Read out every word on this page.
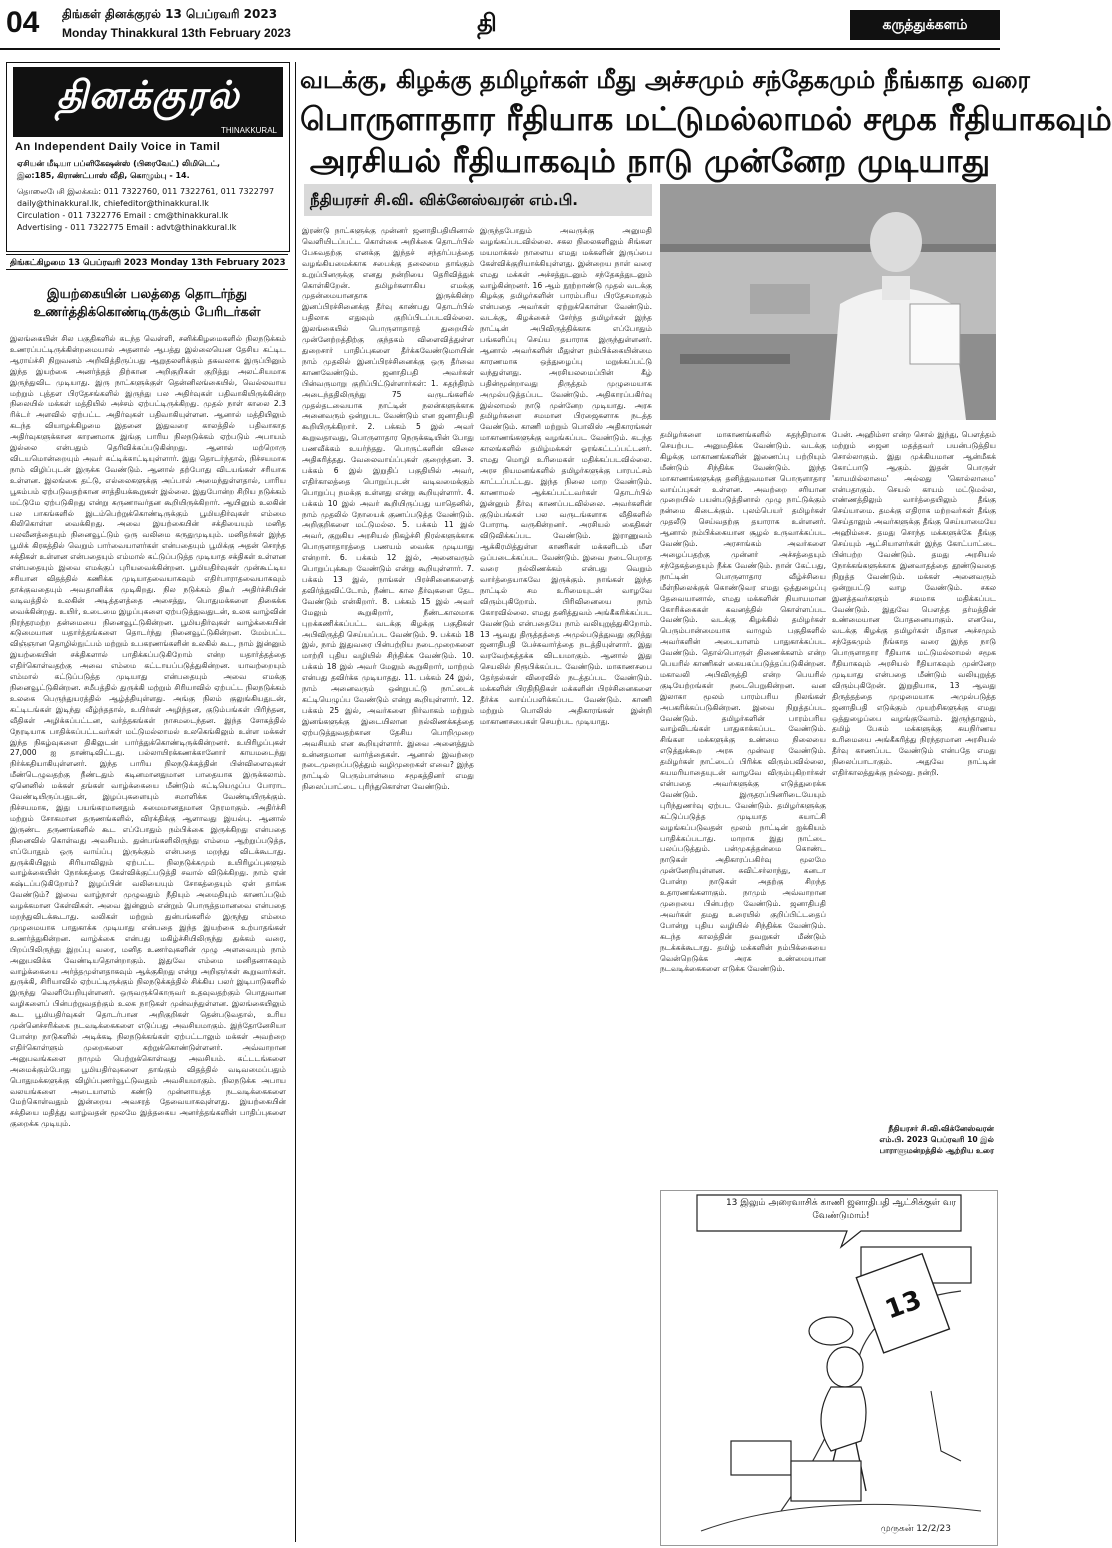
04 திங்கள் தினக்குரல் 13 பெப்ரவரி 2023
Monday Thinakkural 13th February 2023	தி	கருத்துக்களம்
தினக்குரல்
THINAKKURAL
An Independent Daily Voice in Tamil
ஏசியன் மீடியா பப்ளிகேஷன்ஸ் (பிரைவேட்) லிமிடெட்,
இல:185, கிராண்ட்பாஸ் வீதி, கொழும்பு - 14.
தொலைபேசி இலக்கம்: 011 7322760, 011 7322761, 011 7322797
daily@thinakkural.lk, chiefeditor@thinakkural.lk
Circulation - 011 7322776 Email : cm@thinakkural.lk
Advertising - 011 7322775 Email : advt@thinakkural.lk
திங்கட்கிழமை 13 பெப்ரவரி 2023 Monday 13th February 2023
இயற்கையின் பலத்தை தொடர்ந்து உணர்த்திக்கொண்டிருக்கும் பேரிடர்கள்
இலங்கையின் சில பகுதிகளில் கடந்த வெள்ளி, சனிக்கிழமைகளில் நிலநடுக்கம் உணரப்பட்டிருக்கின்றமையால் அதனால் ஆபத்து இல்லையென தேசிய கட்டிட ஆராய்ச்சி நிறுவனம் அறிவித்திருப்பது ஆறுதலளிக்கும் தகவலாக இருப்பினும் இந்த இயற்கை அனர்த்தத் திற்கான அறிகுறிகள் குறித்து அலட்சியமாக இருந்துவிட முடியாது. இரு நாட்களுக்குள் தென்னிலங்கையில், வெல்லவாய மற்றும் புத்தள பிரதேசங்களில் இருந்து பல அதிர்வுகள் பதிவாகியிருக்கின்ற நிலையில் மக்கள் மத்தியில் அச்சம் ஏற்பட்டிருக்கிறது. முதல் நாள் காலை 2.3 ரிக்டர் அளவில் ஏற்பட்ட அதிர்வுகள் பதிவாகியுள்ளன. ஆனால் மத்தியிலும் கடந்த வியாழக்கிழமை இதனை இதுவரை காலத்தில் பதிவாகாத அதிர்வுகளுக்கான காரணமாக இங்கு பாரிய நிலநடுக்கம் ஏற்படும் அபாயம் இல்லை என்பதும் தெரிவிக்கப்படுகின்றது. ஆனால் மற்றொரு விடயமொன்றையும் அவர் சுட்டிக்காட்டியுள்ளார். இது தொடர்ந்தால், நிச்சயமாக நாம் விழிப்புடன் இருக்க வேண்டும். ஆனால் தற்போது விடயங்கள் சரியாக உள்ளன. இலங்கை தட்டு, எல்லைகளுக்கு அப்பால் அமைந்துள்ளதால், பாரிய பூகம்பம் ஏற்படுவதற்கான சாத்தியக்கூறுகள் இல்லை. இதுபோன்ற சிறிய நடுக்கம் மட்டுமே ஏற்படுகிறது என்று கருணாவர்தன கூறியிருக்கிறார். ஆயினும் உலகின் பல பாகங்களில் இடம்பெற்றுக்கொண்டிருக்கும் பூமியதிர்வுகள் எம்மை கிலிகொள்ள வைக்கிறது. அவை இயற்கையின் சக்தியையும் மனித பலவீனத்தையும் நினைவூட்டும் ஒரு வலிமை கருதுமுடியும். மனிதர்கள் இந்த பூமிக் கிரகத்தில் வெறும் பார்வையாளர்கள் என்பதையும் பூமிக்கு அதன் சொந்த சக்திகள் உள்ளன என்பதையும் எம்மால் கட்டுப்படுத்த முடியாத சக்திகள் உள்ளன என்பதையும் இவை எமக்குப் புரியவைக்கின்றன. பூமியதிர்வுகள் முன்கூட்டிய சரியான விதத்தில் கணிக்க முடியாதவையாகவும் எதிர்பாராதவையாகவும் தாக்குவதையும் அவதானிக்க முடிகிறது. நில நடுக்கம் திடீர் அதிர்ச்சியின் வடிவத்தில் உலகின் அடித்தளத்தை அசைத்து, பொதுமக்களை திகைக்க வைக்கின்றது. உயிர், உடைமை இழப்புகளை ஏற்படுத்துவதுடன், உலக வாழ்வின் நிரந்தரமற்ற தன்மையை நினைவூட்டுகின்றன. பூமியதிர்வுகள் வாழ்க்கையின் கடுமையான யதார்த்தங்களை தொடர்ந்து நினைவூட்டுகின்றன. மேம்பட்ட விஞ்ஞான தொழில்நுட்பம் மற்றும் உபகரணங்களின் உலகில் கூட, நாம் இன்னும் இயற்கையின் சக்திகளால் பாதிக்கப்படுகிறோம் என்ற யதார்த்தத்தை எதிர்கொள்வதற்கு அவை எம்மை கட்டாயப்படுத்துகின்றன. யாவற்றையும் எம்மால் கட்டுப்படுத்த முடியாது என்பதையும் அவை எமக்கு நினைவூட்டுகின்றன. சமீபத்தில் துருக்கி மற்றும் சிரியாவில் ஏற்பட்ட நிலநடுக்கம் உலகை பெருந்துயரத்தில் ஆழ்த்தியுள்ளது. அங்கு நிலம் குலுங்கியதுடன், கட்டிடங்கள் இடிந்து வீழ்ந்ததால், உயிர்கள் அழிந்தன, குடும்பங்கள் பிரிந்தன, வீதிகள் அழிக்கப்பட்டன, வர்த்தகங்கள் நாசமடைந்தன. இந்த சோகத்தில் நேரடியாக பாதிக்கப்பட்டவர்கள் மட்டுமல்லாமல் உலகெங்கிலும் உள்ள மக்கள் இந்த நிகழ்வுகளை திகிலுடன் பார்த்துக்கொண்டிருக்கின்றனர். உயிரிழப்புகள் 27,000 ஐ தாண்டிவிட்டது. பல்லாயிரக்கணக்கானோர் காயமடைந்து நிர்க்கதியாகியுள்ளனர். இந்த பாரிய நிலநடுக்கத்தின் பின்விளைவுகள் மீண்டெழுவதற்கு நீண்டதும் கடினமானதுமான பாதையாக இருக்கலாம். ஏனெனில் மக்கள் தங்கள் வாழ்க்கையை மீண்டும் கட்டியெழுப்ப போராட வேண்டியிருப்பதுடன், இழப்புகளையும் சமாளிக்க வேண்டியிருக்கும். நிச்சயமாக, இது பயங்கரமானதும் சுமைமானதுமான நேரமாகும். அதிர்ச்சி மற்றும் சோகமான தருணங்களில், விரக்திக்கு ஆளாவது இயல்பு. ஆனால் இருண்ட தருணங்களில் கூட எப்போதும் நம்பிக்கை இருக்கிறது என்பதை நினைவில் கொள்வது அவசியம். துன்பங்களிலிருந்து எம்மை ஆற்றுப்படுத்த, எப்போதும் ஒரு வாய்ப்பு இருக்கும் என்பதை மறந்து விடக்கூடாது. துருக்கியிலும் சிரியாவிலும் ஏற்பட்ட நிலநடுக்கமும் உயிரிழப்புகளும் வாழ்க்கையின் நோக்கத்தை கேள்விக்குட்படுத்தி சவால் விடுக்கிறது. நாம் ஏன் கஷ்டப்படுகிறோம்? இழப்பின் வலியையும் சோகத்தையும் ஏன் தாங்க வேண்டும்? இவை வாழ்நாள் முழுவதும் நீதியும் அமைதியும் காணப்படும் வழக்கமான கேள்விகள். அவை இன்னும் என்றும் பொருத்தமானவை என்பதை மறந்துவிடக்கூடாது. வலிகள் மற்றும் துன்பங்களில் இருந்து எம்மை முழுமையாக பாதுகாக்க முடியாது என்பதை இந்த இயற்கை உற்பாதங்கள் உணர்த்துகின்றன. வாழ்க்கை என்பது மகிழ்ச்சியிலிருந்து துக்கம் வரை, பிறப்பிலிருந்து இறப்பு வரை, மனித உணர்வுகளின் முழு அளவையும் நாம் அனுபவிக்க வேண்டியதொன்றாகும். இதுவே எம்மை மனிதனாகவும் வாழ்க்கையை அர்த்தமுள்ளதாகவும் ஆக்குகிறது என்று அறிஞர்கள் கூறுவார்கள். துருக்கி, சிரியாவில் ஏற்பட்டிருக்கும் நிலநடுக்கத்தில் சிக்கிய பலர் இடிபாடுகளில் இருந்து வெளியேறியுள்ளனர். ஒருவருக்கொருவர் உதவுவதற்கும் பொதுவான வழிகளைப் பின்பற்றுவதற்கும் உலக நாடுகள் முன்வந்துள்ளன. இலங்கையிலும் கூட பூமியதிர்வுகள் தொடர்பான அறிகுறிகள் தென்படுவதால், உரிய முன்னெச்சரிக்கை நடவடிக்கைகளை எடுப்பது அவசியமாகும். இந்தோனேசியா போன்ற நாடுகளில் அடிக்கடி நிலநடுக்கங்கள் ஏற்பட்டாலும் மக்கள் அவற்றை எதிர்கொள்ளும் முறைகளை கற்றுக்கொண்டுள்ளனர். அவ்வாறான அனுபவங்களை நாமும் பெற்றுக்கொள்வது அவசியம். கட்டடங்களை அமைக்கும்போது பூமியதிர்வுகளை தாங்கும் விதத்தில் வடிவமைப்பதும் பொதுமக்களுக்கு விழிப்புணர்வூட்டுவதும் அவசியமாகும். நிலநடுக்க அபாய வலயங்களை அடையாளம் கண்டு முன்னாயத்த நடவடிக்கைகளை மேற்கொள்வதும் இன்றைய அவசரத் தேவையாகவுள்ளது. இயற்கையின் சக்தியை மதித்து வாழ்வதன் மூலமே இத்தகைய அனர்த்தங்களின் பாதிப்புகளை குறைக்க முடியும்.
வடக்கு, கிழக்கு தமிழர்கள் மீது அச்சமும் சந்தேகமும் நீங்காத வரை
பொருளாதார ரீதியாக மட்டுமல்லாமல் சமூக ரீதியாகவும்
அரசியல் ரீதியாகவும் நாடு முன்னேற முடியாது
நீதியரசர் சி.வி. விக்னேஸ்வரன் எம்.பி.
இரண்டு நாட்களுக்கு முன்னர் ஜனாதிபதியினால் வெளியிடப்பட்ட கொள்கை அறிக்கை தொடர்பில் பேசுவதற்கு எனக்கு இந்தச் சந்தர்ப்பத்தை வழங்கியமைக்காக சபைக்கு தலைமை தாங்கும் உறுப்பினருக்கு எனது நன்றியை தெரிவித்துக் கொள்கிறேன். தமிழர்களாகிய எமக்கு முதன்மையானதாக இருக்கின்ற இனப்பிரச்சினைக்கு தீர்வு காண்பது தொடர்பில் பதிலாக எதுவும் குறிப்பிடப்படவில்லை. இலங்கையில் பொருளாதாரத் துறையில் முன்னேற்றத்திற்கு குந்தகம் விளைவித்துள்ள துறைசார் பாதிப்புகளை தீர்க்கவேண்டுமாயின் நாம் முதலில் இனப்பிரச்சினைக்கு ஒரு தீர்வை காணவேண்டும். ஜனாதிபதி அவர்கள் பின்வருமாறு குறிப்பிட்டுள்ளார்கள்: 1. சுதந்திரம் அடைந்ததிலிருந்து 75 வருடங்களில் முதல்தடவையாக நாட்டின் நலன்களுக்காக அனைவரும் ஒன்றுபட வேண்டும் என ஜனாதிபதி கூறியிருக்கிறார். 2. பக்கம் 5 இல் அவர் கூறுவதாவது, பொருளாதார நெருக்கடியின் போது பணவீக்கம் உயர்ந்தது. பொருட்களின் விலை அதிகரித்தது. வேலைவாய்ப்புகள் குறைந்தன. 3. பக்கம் 6 இல் இறுதிப் பகுதியில் அவர், எதிர்காலத்தை பொறுப்புடன் வடிவமைக்கும் பொறுப்பு நமக்கு உள்ளது என்று கூறியுள்ளார். 4. பக்கம் 10 இல் அவர் கூறியிருப்பது யாதெனில், நாம் முதலில் நோயைக் குணப்படுத்த வேண்டும். அறிகுறிகளை மட்டுமல்ல. 5. பக்கம் 11 இல் அவர், குறுகிய அரசியல் நிகழ்ச்சி நிரல்களுக்காக பொருளாதாரத்தை பணயம் வைக்க முடியாது என்றார். 6. பக்கம் 12 இல், அனைவரும் பொறுப்புக்கூற வேண்டும் என்று கூறியுள்ளார். 7. பக்கம் 13 இல், நாங்கள் பிரச்சினைகளைத் தவிர்த்துவிட்டோம், நீண்ட கால தீர்வுகளை தேட வேண்டும் என்கிறார். 8. பக்கம் 15 இல் அவர் மேலும் கூறுகிறார், நீண்டகாலமாக புறக்கணிக்கப்பட்ட வடக்கு கிழக்கு பகுதிகள் அபிவிருத்தி செய்யப்பட வேண்டும். 9. பக்கம் 18 இல், நாம் இதுவரை பின்பற்றிய நடைமுறைகளை மாற்றி புதிய வழியில் சிந்திக்க வேண்டும். 10. பக்கம் 18 இல் அவர் மேலும் கூறுகிறார், மாற்றம் என்பது தவிர்க்க முடியாதது. 11. பக்கம் 24 இல், நாம் அனைவரும் ஒன்றுபட்டு நாட்டைக் கட்டியெழுப்ப வேண்டும் என்று கூறியுள்ளார். 12. பக்கம் 25 இல், அவர்களை நிர்வாகம் மற்றும் இனங்களுக்கு இடையிலான நல்லிணக்கத்தை ஏற்படுத்துவதற்கான தேசிய பொறிமுறை அவசியம் என கூறியுள்ளார். இவை அனைத்தும் உன்னதமான வார்த்தைகள். ஆனால் இவற்றை நடைமுறைப்படுத்தும் வழிமுறைகள் எவை? இந்த நாட்டில் பெரும்பான்மை சமூகத்தினர் எமது நிலைப்பாட்டை புரிந்துகொள்ள வேண்டும்.
இருந்தபோதும் அவருக்கு அனுமதி வழங்கப்படவில்லை. சகல நிலைகளிலும் சிங்கள மயமாக்கல் நாளைய எமது மக்களின் இருப்பை கேள்விக்குறியாக்கியுள்ளது. இன்றைய நாள் வரை எமது மக்கள் அச்சத்துடனும் சந்தேகத்துடனும் வாழ்கின்றனர். 16 ஆம் நூற்றாண்டு முதல் வடக்கு கிழக்கு தமிழர்களின் பாரம்பரிய பிரதேசமாகும் என்பதை அவர்கள் ஏற்றுக்கொள்ள வேண்டும். வடக்கு, கிழக்கைச் சேர்ந்த தமிழர்கள் இந்த நாட்டின் அபிவிருத்திக்காக எப்போதும் பங்களிப்பு செய்ய தயாராக இருந்துள்ளனர். ஆனால் அவர்களின் மீதுள்ள நம்பிக்கையின்மை காரணமாக ஒத்துழைப்பு மறுக்கப்பட்டு வந்துள்ளது. அரசியலமைப்பின் கீழ் பதின்மூன்றாவது திருத்தம் முழுமையாக அமுல்படுத்தப்பட வேண்டும். அதிகாரப்பகிர்வு இல்லாமல் நாடு முன்னேற முடியாது. அரசு தமிழர்களை சமமான பிரஜைகளாக நடத்த வேண்டும். காணி மற்றும் பொலிஸ் அதிகாரங்கள் மாகாணங்களுக்கு வழங்கப்பட வேண்டும். கடந்த காலங்களில் தமிழ்மக்கள் ஓரங்கட்டப்பட்டனர். எமது மொழி உரிமைகள் மதிக்கப்படவில்லை. அரச நியமனங்களில் தமிழர்களுக்கு பாரபட்சம் காட்டப்பட்டது. இந்த நிலை மாற வேண்டும். காணாமல் ஆக்கப்பட்டவர்கள் தொடர்பில் இன்னும் தீர்வு காணப்படவில்லை. அவர்களின் குடும்பங்கள் பல வருடங்களாக வீதிகளில் போராடி வருகின்றனர். அரசியல் கைதிகள் விடுவிக்கப்பட வேண்டும். இராணுவம் ஆக்கிரமித்துள்ள காணிகள் மக்களிடம் மீள ஒப்படைக்கப்பட வேண்டும். இவை நடைபெறாத வரை நல்லிணக்கம் என்பது வெறும் வார்த்தையாகவே இருக்கும். நாங்கள் இந்த நாட்டில் சம உரிமையுடன் வாழவே விரும்புகிறோம். பிரிவினையை நாம் கோரவில்லை. எமது தனித்துவம் அங்கீகரிக்கப்பட வேண்டும் என்பதையே நாம் வலியுறுத்துகிறோம். 13 ஆவது திருத்தத்தை அமுல்படுத்துவது குறித்து ஜனாதிபதி பேச்சுவார்த்தை நடத்தியுள்ளார். இது வரவேற்கத்தக்க விடயமாகும். ஆனால் இது செயலில் நிரூபிக்கப்பட வேண்டும். மாகாணசபை தேர்தல்கள் விரைவில் நடத்தப்பட வேண்டும். மக்களின் பிரதிநிதிகள் மக்களின் பிரச்சினைகளை தீர்க்க வாய்ப்பளிக்கப்பட வேண்டும். காணி மற்றும் பொலிஸ் அதிகாரங்கள் இன்றி மாகாணசபைகள் செயற்பட முடியாது.
தமிழர்களை மாகாணங்களில் சுதந்திரமாக செயற்பட அனுமதிக்க வேண்டும். வடக்கு கிழக்கு மாகாணங்களின் இணைப்பு பற்றியும் மீண்டும் சிந்திக்க வேண்டும். இந்த மாகாணங்களுக்கு தனித்துவமான பொருளாதார வாய்ப்புகள் உள்ளன. அவற்றை சரியான முறையில் பயன்படுத்தினால் முழு நாட்டுக்கும் நன்மை கிடைக்கும். புலம்பெயர் தமிழர்கள் முதலீடு செய்வதற்கு தயாராக உள்ளனர். ஆனால் நம்பிக்கையான சூழல் உருவாக்கப்பட வேண்டும். அரசாங்கம் அவர்களை அழைப்பதற்கு முன்னர் அச்சத்தையும் சந்தேகத்தையும் நீக்க வேண்டும். நான் கேட்பது, நாட்டின் பொருளாதார வீழ்ச்சியை மீள்நிலைக்குக் கொண்டுவர எமது ஒத்துழைப்பு தேவையானால், எமது மக்களின் நியாயமான கோரிக்கைகள் கவனத்தில் கொள்ளப்பட வேண்டும். வடக்கு கிழக்கில் தமிழர்கள் பெரும்பான்மையாக வாழும் பகுதிகளில் அவர்களின் அடையாளம் பாதுகாக்கப்பட வேண்டும். தொல்பொருள் திணைக்களம் என்ற பெயரில் காணிகள் கையகப்படுத்தப்படுகின்றன. மகாவலி அபிவிருத்தி என்ற பெயரில் குடியேற்றங்கள் நடைபெறுகின்றன. வன இலாகா மூலம் பாரம்பரிய நிலங்கள் அபகரிக்கப்படுகின்றன. இவை நிறுத்தப்பட வேண்டும். தமிழர்களின் பாரம்பரிய வாழ்விடங்கள் பாதுகாக்கப்பட வேண்டும். சிங்கள மக்களுக்கு உண்மை நிலையை எடுத்துக்கூற அரசு முன்வர வேண்டும். தமிழர்கள் நாட்டைப் பிரிக்க விரும்பவில்லை, சுயமரியாதையுடன் வாழவே விரும்புகிறார்கள் என்பதை அவர்களுக்கு எடுத்துரைக்க வேண்டும். இருதரப்பினரிடையேயும் புரிந்துணர்வு ஏற்பட வேண்டும். தமிழர்களுக்கு கட்டுப்படுத்த முடியாத சுயாட்சி வழங்கப்படுவதன் மூலம் நாட்டின் ஐக்கியம் பாதிக்கப்படாது. மாறாக இது நாட்டை பலப்படுத்தும். பன்முகத்தன்மை கொண்ட நாடுகள் அதிகாரப்பகிர்வு மூலமே முன்னேறியுள்ளன. சுவிட்சர்லாந்து, கனடா போன்ற நாடுகள் அதற்கு சிறந்த உதாரணங்களாகும். நாமும் அவ்வாறான முறையை பின்பற்ற வேண்டும். ஜனாதிபதி அவர்கள் தமது உரையில் குறிப்பிட்டதைப் போன்று புதிய வழியில் சிந்திக்க வேண்டும். கடந்த காலத்தின் தவறுகள் மீண்டும் நடக்கக்கூடாது. தமிழ் மக்களின் நம்பிக்கையை வென்றெடுக்க அரசு உண்மையான நடவடிக்கைகளை எடுக்க வேண்டும்.
பேன். அஹிம்சா என்ற சொல் இந்து, பௌத்தம் மற்றும் ஜைன மதத்தவர் பயன்படுத்திய சொல்லாகும். இது முக்கியமான ஆன்மீகக் கோட்பாடு ஆகும். இதன் பொருள் 'காயமில்லாமை' அல்லது 'கொல்லாமை' என்பதாகும். செயல் காயம் மட்டுமல்ல, எண்ணத்திலும் வார்த்தையிலும் தீங்கு செய்யாமை. தமக்கு எதிராக மற்றவர்கள் தீங்கு செய்தாலும் அவர்களுக்கு தீங்கு செய்யாமையே அஹிம்சை. தமது சொந்த மக்களுக்கே தீங்கு செய்யும் ஆட்சியாளர்கள் இந்த கோட்பாட்டை பின்பற்ற வேண்டும். தமது அரசியல் நோக்கங்களுக்காக இனவாதத்தை தூண்டுவதை நிறுத்த வேண்டும். மக்கள் அனைவரும் ஒன்றுபட்டு வாழ வேண்டும். சகல இனத்தவர்களும் சமமாக மதிக்கப்பட வேண்டும். இதுவே பௌத்த தர்மத்தின் உண்மையான போதனையாகும். எனவே, வடக்கு கிழக்கு தமிழர்கள் மீதான அச்சமும் சந்தேகமும் நீங்காத வரை இந்த நாடு பொருளாதார ரீதியாக மட்டுமல்லாமல் சமூக ரீதியாகவும் அரசியல் ரீதியாகவும் முன்னேற முடியாது என்பதை மீண்டும் வலியுறுத்த விரும்புகிறேன். இறுதியாக, 13 ஆவது திருத்தத்தை முழுமையாக அமுல்படுத்த ஜனாதிபதி எடுக்கும் முயற்சிகளுக்கு எமது ஒத்துழைப்பை வழங்குவோம். இருந்தாலும், தமிழ் பேசும் மக்களுக்கு சுயநிர்ணய உரிமையை அங்கீகரித்து நிரந்தரமான அரசியல் தீர்வு காணப்பட வேண்டும் என்பதே எமது நிலைப்பாடாகும். அதுவே நாட்டின் எதிர்காலத்துக்கு நல்லது. நன்றி.
நீதியரசர் சி.வி.விக்னேஸ்வரன்
எம்.பி. 2023 பெப்ரவரி 10 இல்
பாராளுமன்றத்தில் ஆற்றிய உரை
13 இலும் அரைவாசிக் காணி ஜனாதிபதி ஆட்சிக்குள் வர வேண்டுமாம்!
13
முருகன் 12/2/23
